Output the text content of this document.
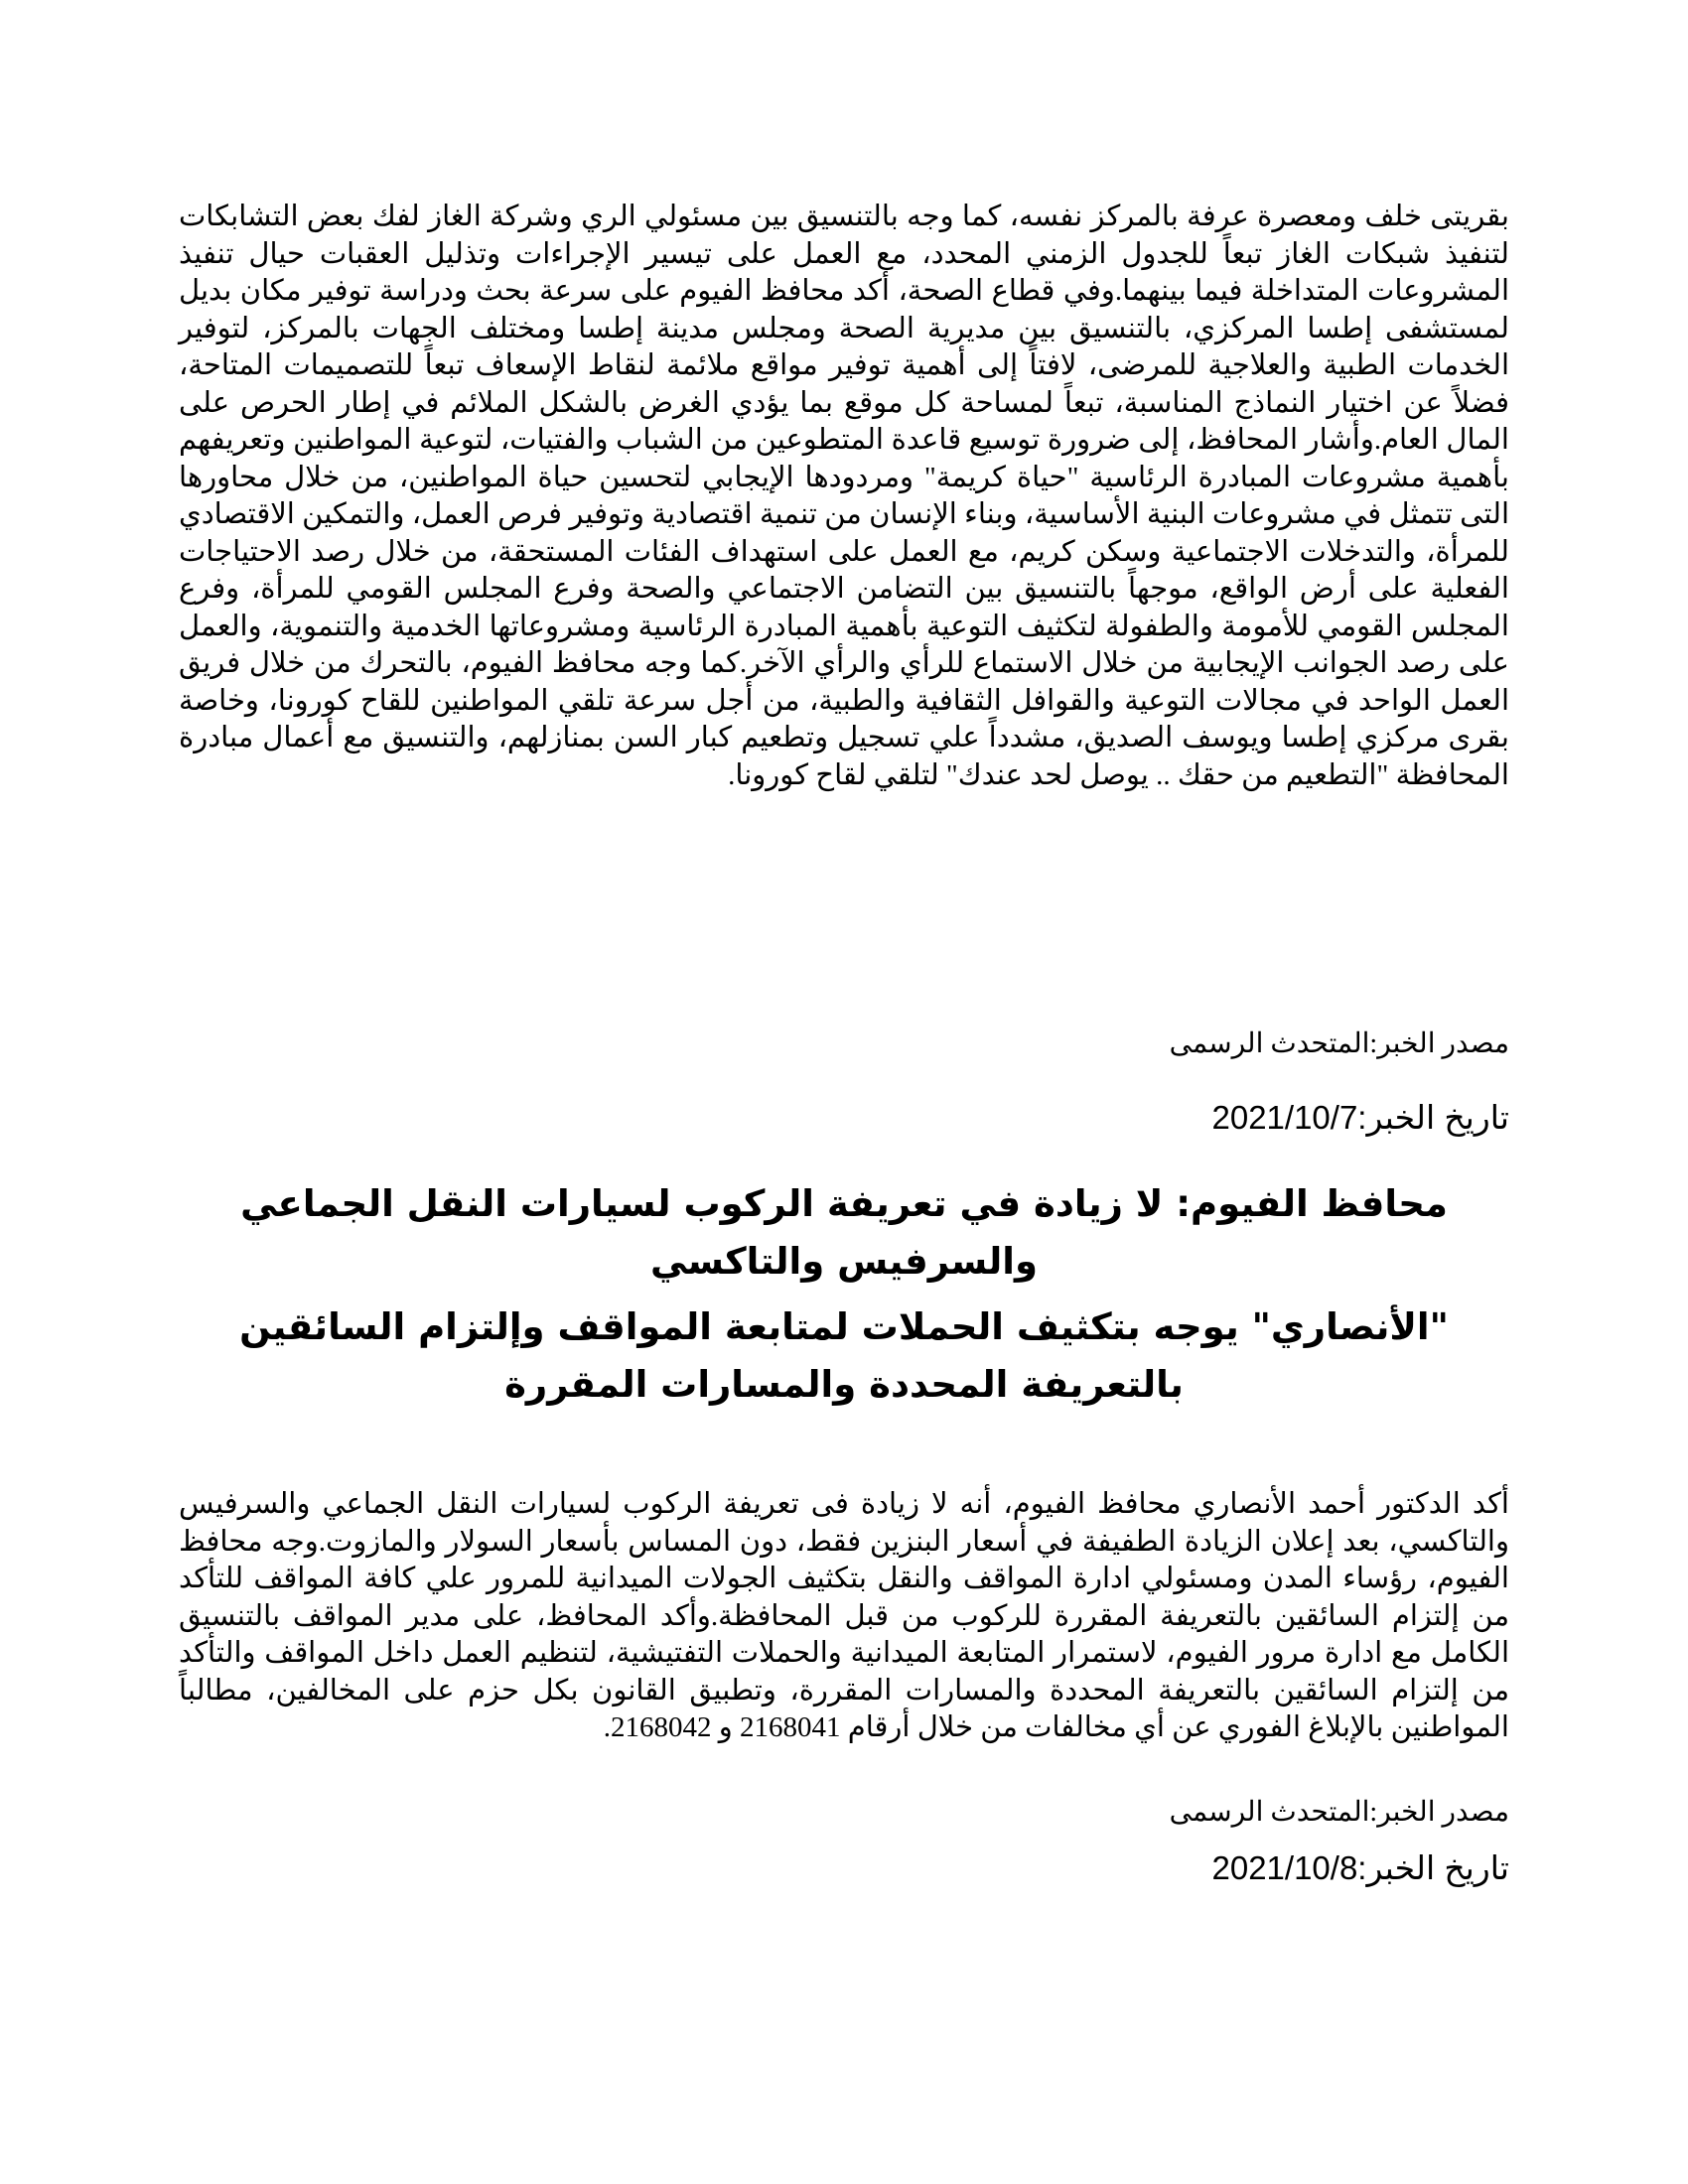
بقريتى خلف ومعصرة عرفة بالمركز نفسه، كما وجه بالتنسيق بين مسئولي الري وشركة الغاز لفك بعض التشابكات لتنفيذ شبكات الغاز تبعاً للجدول الزمني المحدد، مع العمل على تيسير الإجراءات وتذليل العقبات حيال تنفيذ المشروعات المتداخلة فيما بينهما.وفي قطاع الصحة، أكد محافظ الفيوم على سرعة بحث ودراسة توفير مكان بديل لمستشفى إطسا المركزي، بالتنسيق بين مديرية الصحة ومجلس مدينة إطسا ومختلف الجهات بالمركز، لتوفير الخدمات الطبية والعلاجية للمرضى، لافتاً إلى أهمية توفير مواقع ملائمة لنقاط الإسعاف تبعاً للتصميمات المتاحة، فضلاً عن اختيار النماذج المناسبة، تبعاً لمساحة كل موقع بما يؤدي الغرض بالشكل الملائم في إطار الحرص على المال العام.وأشار المحافظ، إلى ضرورة توسيع قاعدة المتطوعين من الشباب والفتيات، لتوعية المواطنين وتعريفهم بأهمية مشروعات المبادرة الرئاسية "حياة كريمة" ومردودها الإيجابي لتحسين حياة المواطنين، من خلال محاورها التى تتمثل في مشروعات البنية الأساسية، وبناء الإنسان من تنمية اقتصادية وتوفير فرص العمل، والتمكين الاقتصادي للمرأة، والتدخلات الاجتماعية وسكن كريم، مع العمل على استهداف الفئات المستحقة، من خلال رصد الاحتياجات الفعلية على أرض الواقع، موجهاً بالتنسيق بين التضامن الاجتماعي والصحة وفرع المجلس القومي للمرأة، وفرع المجلس القومي للأمومة والطفولة لتكثيف التوعية بأهمية المبادرة الرئاسية ومشروعاتها الخدمية والتنموية، والعمل على رصد الجوانب الإيجابية من خلال الاستماع للرأي والرأي الآخر.كما وجه محافظ الفيوم، بالتحرك من خلال فريق العمل الواحد في مجالات التوعية والقوافل الثقافية والطبية، من أجل سرعة تلقي المواطنين للقاح كورونا، وخاصة بقرى مركزي إطسا ويوسف الصديق، مشدداً علي تسجيل وتطعيم كبار السن بمنازلهم، والتنسيق مع أعمال مبادرة المحافظة "التطعيم من حقك .. يوصل لحد عندك" لتلقي لقاح كورونا.

مصدر الخبر:المتحدث الرسمى

تاريخ الخبر:2021/10/7

محافظ الفيوم: لا زيادة في تعريفة الركوب لسيارات النقل الجماعي والسرفيس والتاكسي
"الأنصاري" يوجه بتكثيف الحملات لمتابعة المواقف وإلتزام السائقين بالتعريفة المحددة والمسارات المقررة

أكد الدكتور أحمد الأنصاري محافظ الفيوم، أنه لا زيادة فى تعريفة الركوب لسيارات النقل الجماعي والسرفيس والتاكسي، بعد إعلان الزيادة الطفيفة في أسعار البنزين فقط، دون المساس بأسعار السولار والمازوت.وجه محافظ الفيوم، رؤساء المدن ومسئولي ادارة المواقف والنقل بتكثيف الجولات الميدانية للمرور علي كافة المواقف للتأكد من إلتزام السائقين بالتعريفة المقررة للركوب من قبل المحافظة.وأكد المحافظ، على مدير المواقف بالتنسيق الكامل مع ادارة مرور الفيوم، لاستمرار المتابعة الميدانية والحملات التفتيشية، لتنظيم العمل داخل المواقف والتأكد من إلتزام السائقين بالتعريفة المحددة والمسارات المقررة، وتطبيق القانون بكل حزم على المخالفين، مطالباً المواطنين بالإبلاغ الفوري عن أي مخالفات من خلال أرقام 2168041 و 2168042.

مصدر الخبر:المتحدث الرسمى

تاريخ الخبر:2021/10/8
